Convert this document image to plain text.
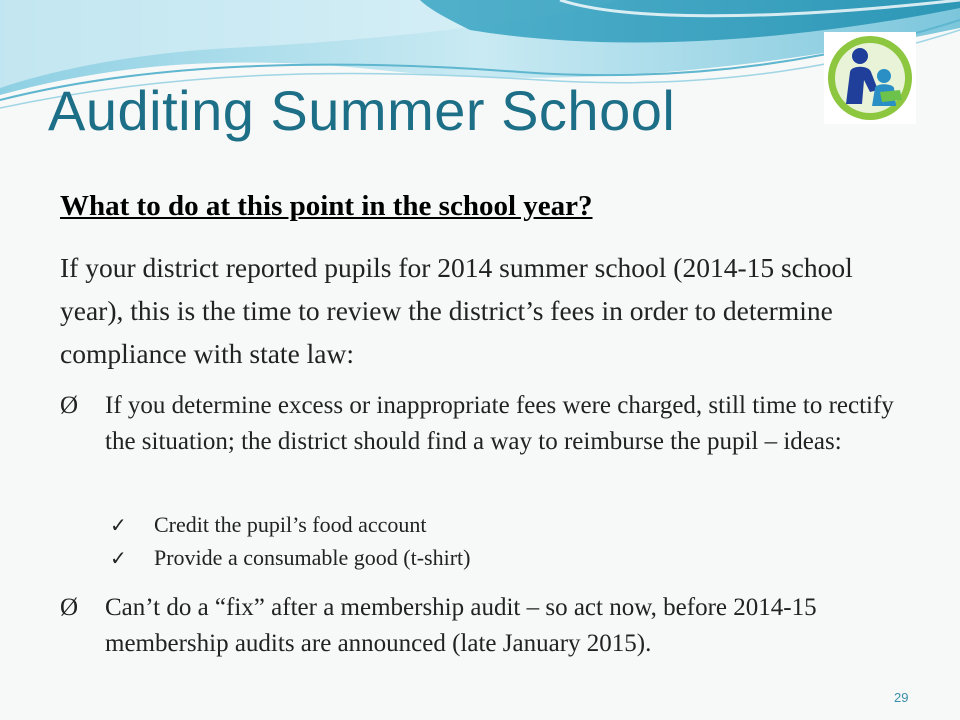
Auditing Summer School
What to do at this point in the school year?
If your district reported pupils for 2014 summer school (2014-15 school year), this is the time to review the district’s fees in order to determine compliance with state law:
Ø	If you determine excess or inappropriate fees were charged, still time to rectify the situation; the district should find a way to reimburse the pupil – ideas:
✓ Credit the pupil’s food account
✓ Provide a consumable good (t-shirt)
Ø	Can’t do a “fix” after a membership audit – so act now, before 2014-15 membership audits are announced (late January 2015).
29
